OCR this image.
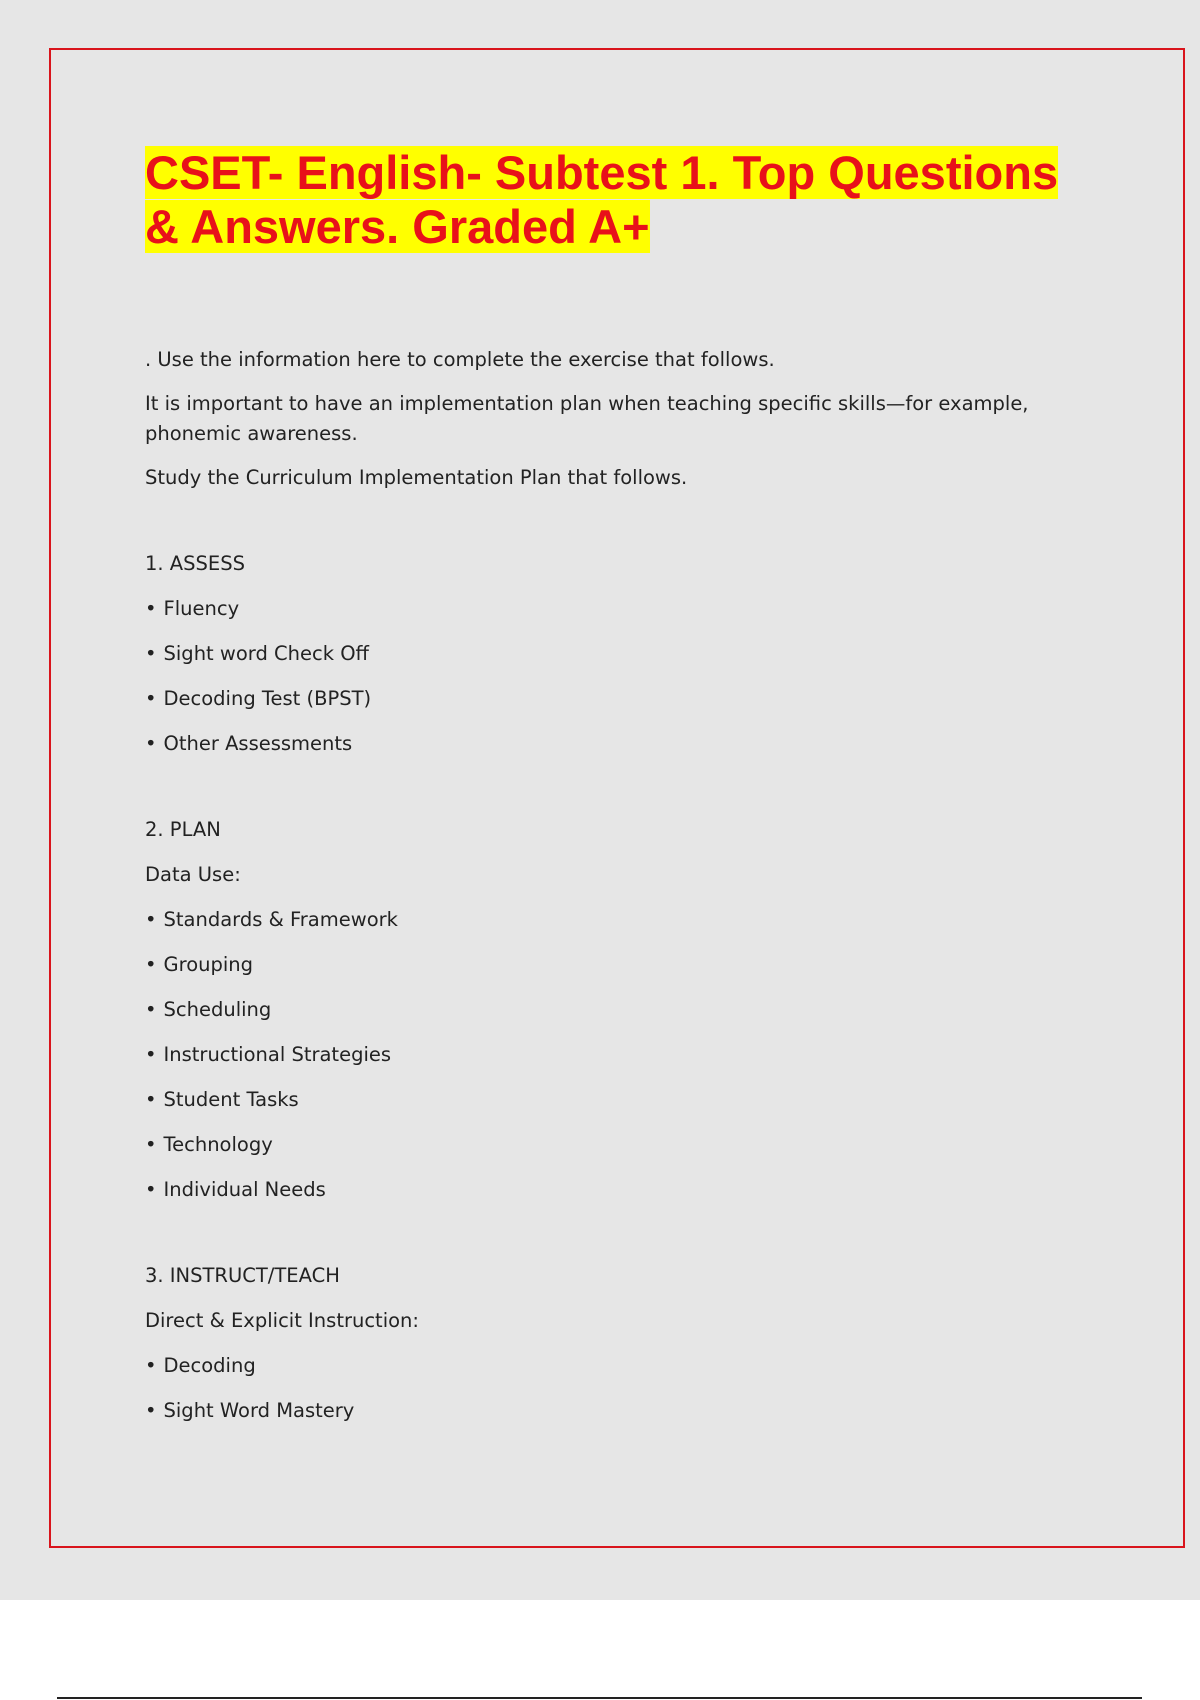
CSET- English- Subtest 1. Top Questions
& Answers. Graded A+

. Use the information here to complete the exercise that follows.

It is important to have an implementation plan when teaching specific skills—for example, phonemic awareness.

Study the Curriculum Implementation Plan that follows.

1. ASSESS
• Fluency
• Sight word Check Off
• Decoding Test (BPST)
• Other Assessments
2. PLAN
Data Use:
• Standards & Framework
• Grouping
• Scheduling
• Instructional Strategies
• Student Tasks
• Technology
• Individual Needs
3. INSTRUCT/TEACH
Direct & Explicit Instruction:
• Decoding
• Sight Word Mastery
